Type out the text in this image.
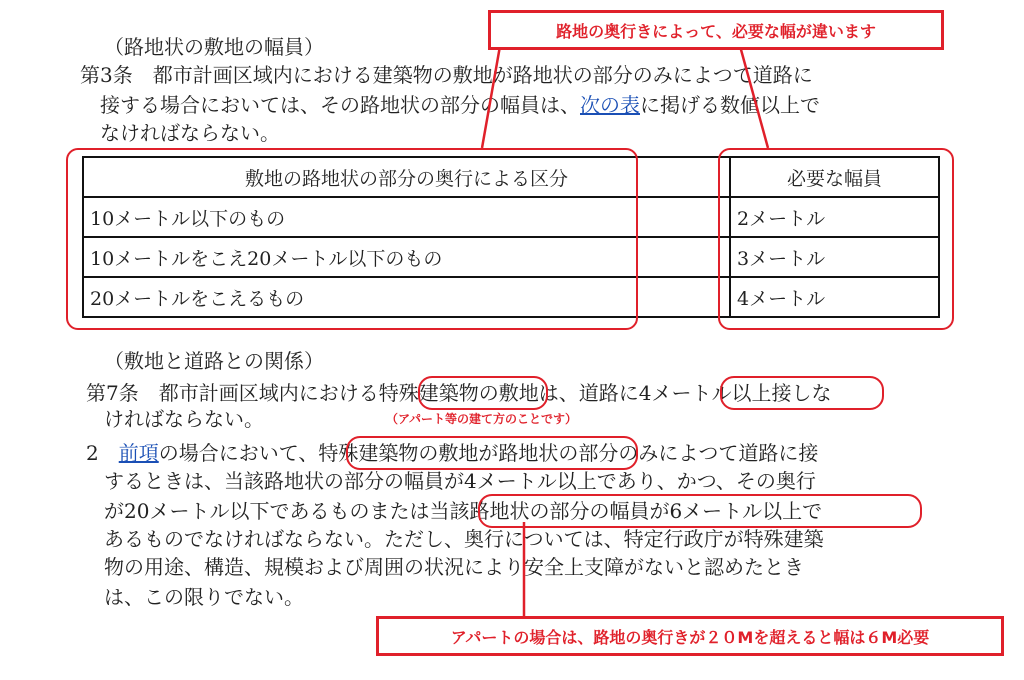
（路地状の敷地の幅員）
第3条　都市計画区域内における建築物の敷地が路地状の部分のみによつて道路に
接する場合においては、その路地状の部分の幅員は、次の表に掲げる数値以上で
なければならない。
敷地の路地状の部分の奥行による区分	必要な幅員
10メートル以下のもの	2メートル
10メートルをこえ20メートル以下のもの	3メートル
20メートルをこえるもの	4メートル
（敷地と道路との関係）
第7条　都市計画区域内における特殊建築物の敷地は、道路に4メートル以上接しな
ければならない。
2　 前項の場合において、特殊建築物の敷地が路地状の部分のみによつて道路に接
するときは、当該路地状の部分の幅員が4メートル以上であり、かつ、その奥行
が20メートル以下であるものまたは当該路地状の部分の幅員が6メートル以上で
あるものでなければならない。ただし、奥行については、特定行政庁が特殊建築
物の用途、構造、規模および周囲の状況により安全上支障がないと認めたとき
は、この限りでない。
路地の奥行きによって、必要な幅が違います
（アパート等の建て方のことです）
アパートの場合は、路地の奥行きが２０Mを超えると幅は６M必要
